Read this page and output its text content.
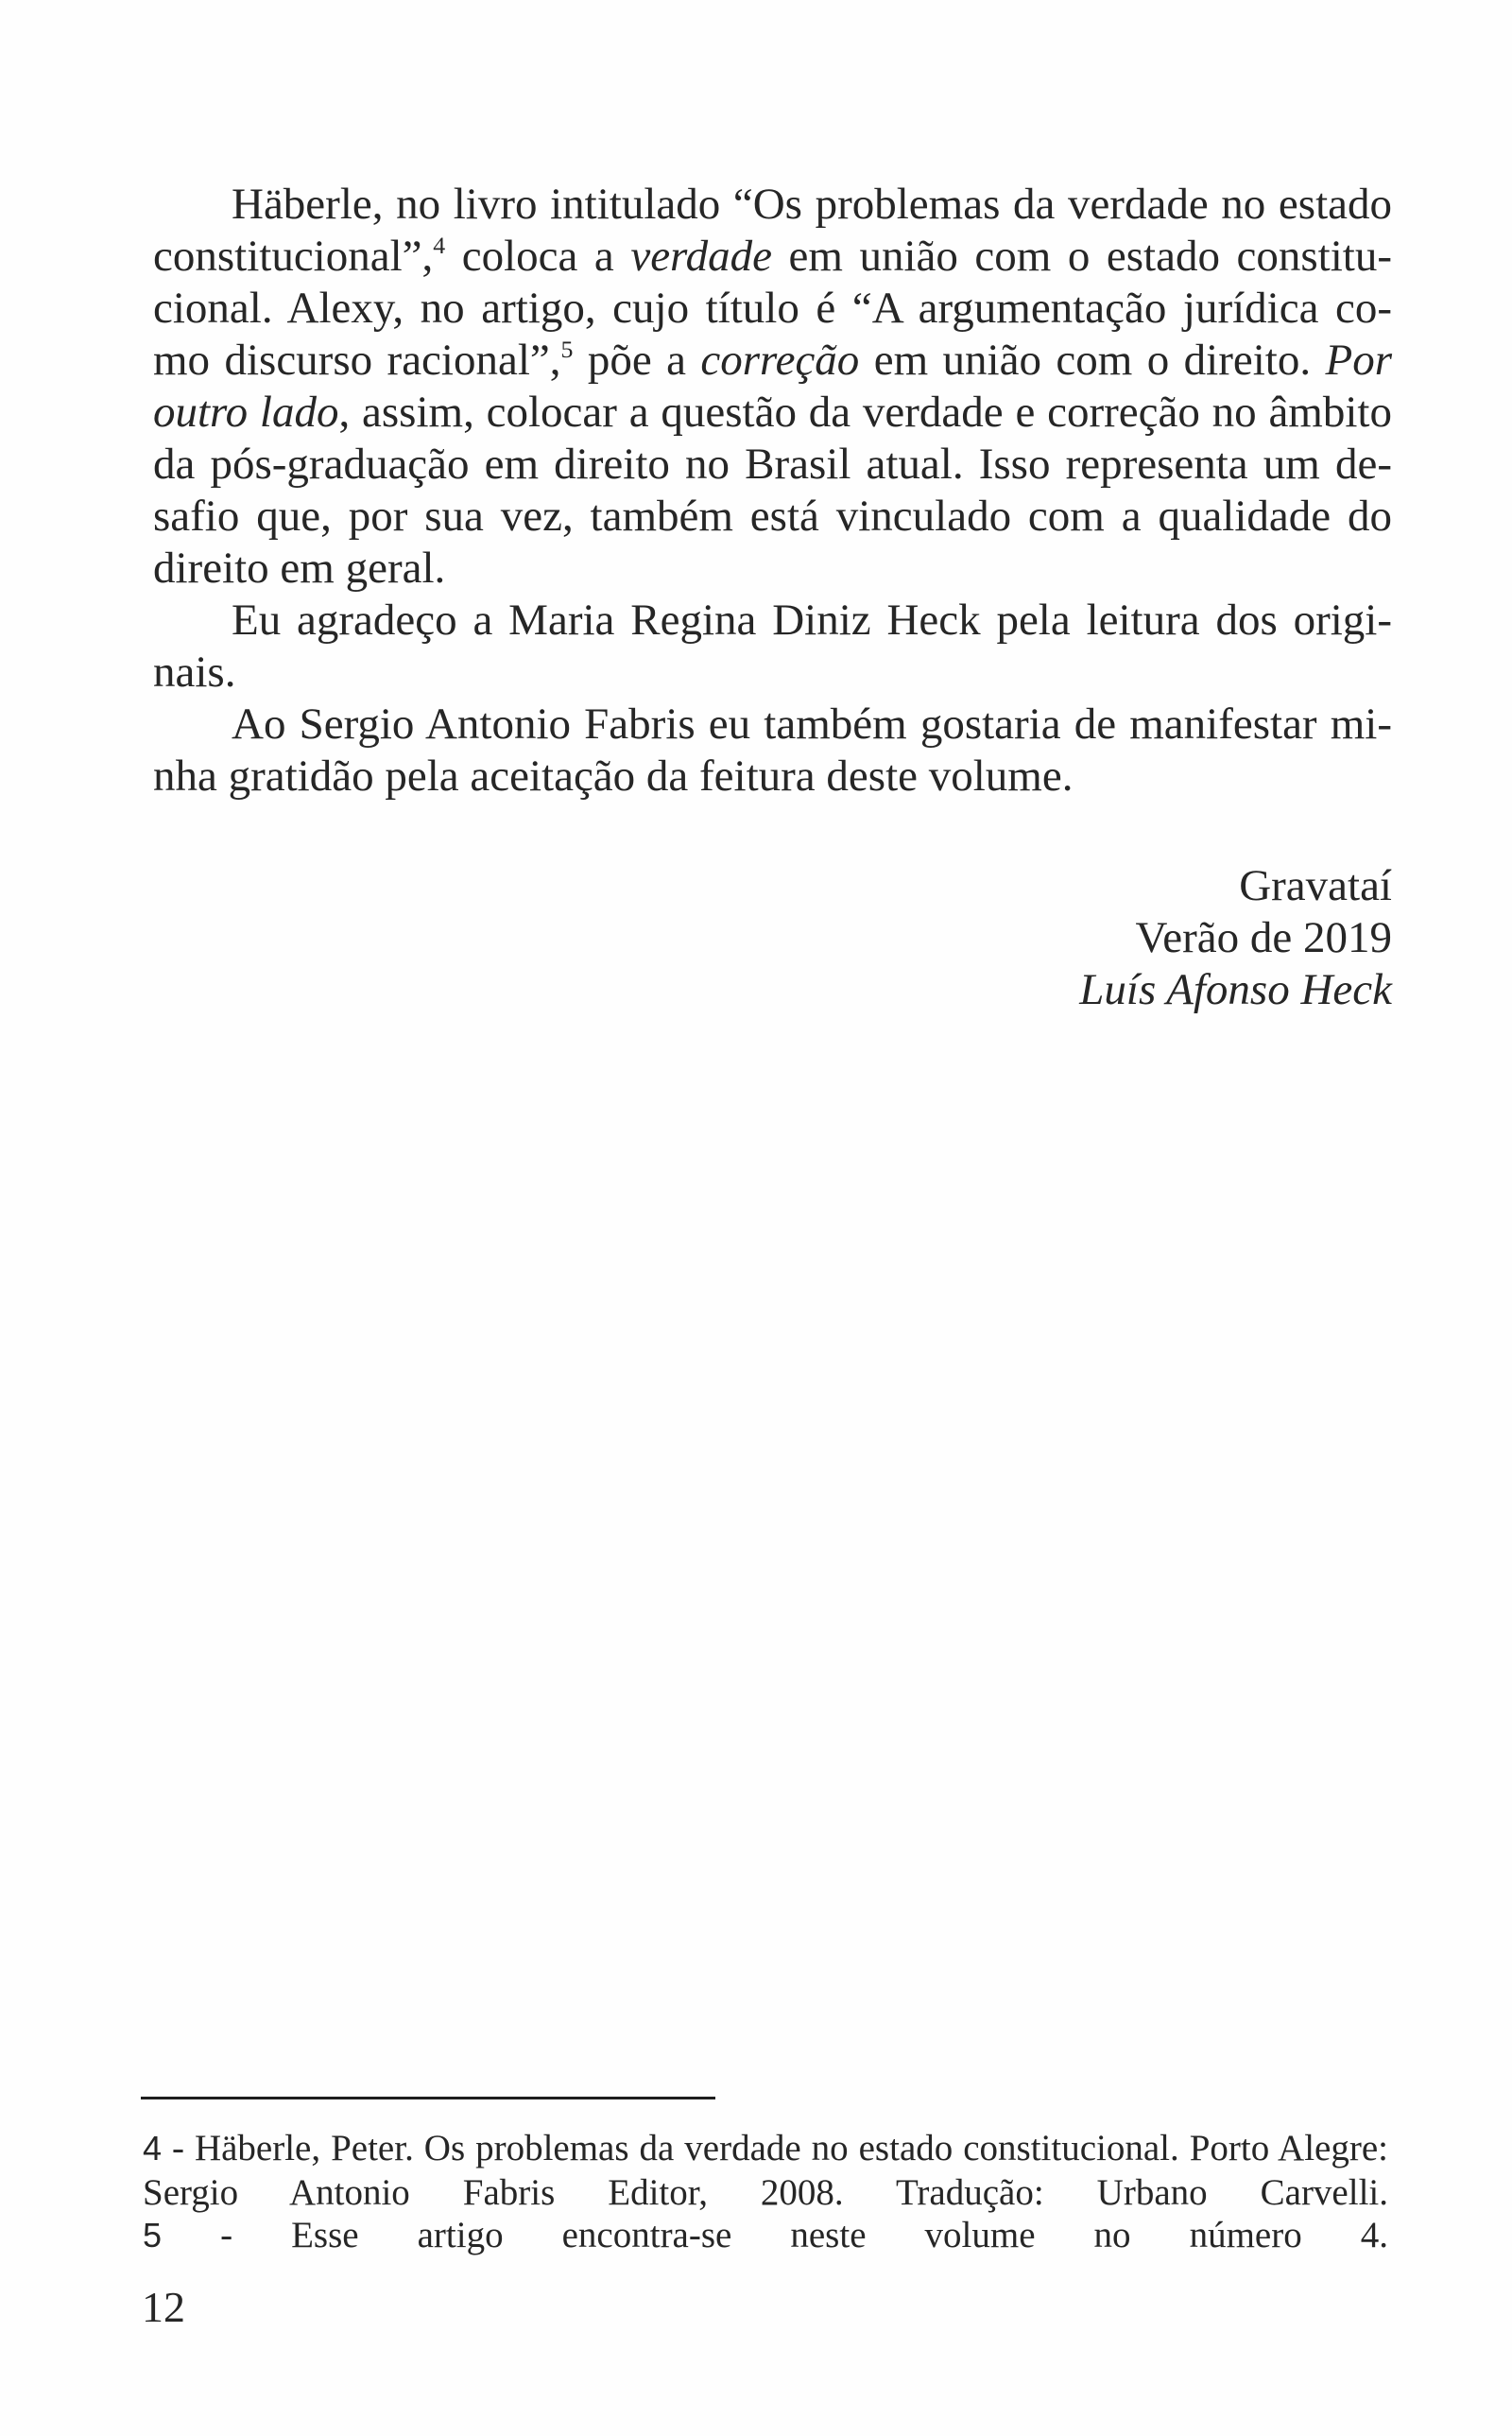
Häberle, no livro intitulado “Os problemas da verdade no estado
constitucional”,$^4$ coloca a verdade em união com o estado constitu-
cional. Alexy, no artigo, cujo título é “A argumentação jurídica co-
mo discurso racional”,$^5$ põe a correção em união com o direito. Por
outro lado, assim, colocar a questão da verdade e correção no âmbito
da pós-graduação em direito no Brasil atual. Isso representa um de-
safio que, por sua vez, também está vinculado com a qualidade do
direito em geral.
Eu agradeço a Maria Regina Diniz Heck pela leitura dos origi-
nais.
Ao Sergio Antonio Fabris eu também gostaria de manifestar mi-
nha gratidão pela aceitação da feitura deste volume.
Gravataí
Verão de 2019
Luís Afonso Heck
4 - Häberle, Peter. Os problemas da verdade no estado constitucional. Porto Alegre:
Sergio Antonio Fabris Editor, 2008. Tradução: Urbano Carvelli.
5 - Esse artigo encontra-se neste volume no número 4.
12
